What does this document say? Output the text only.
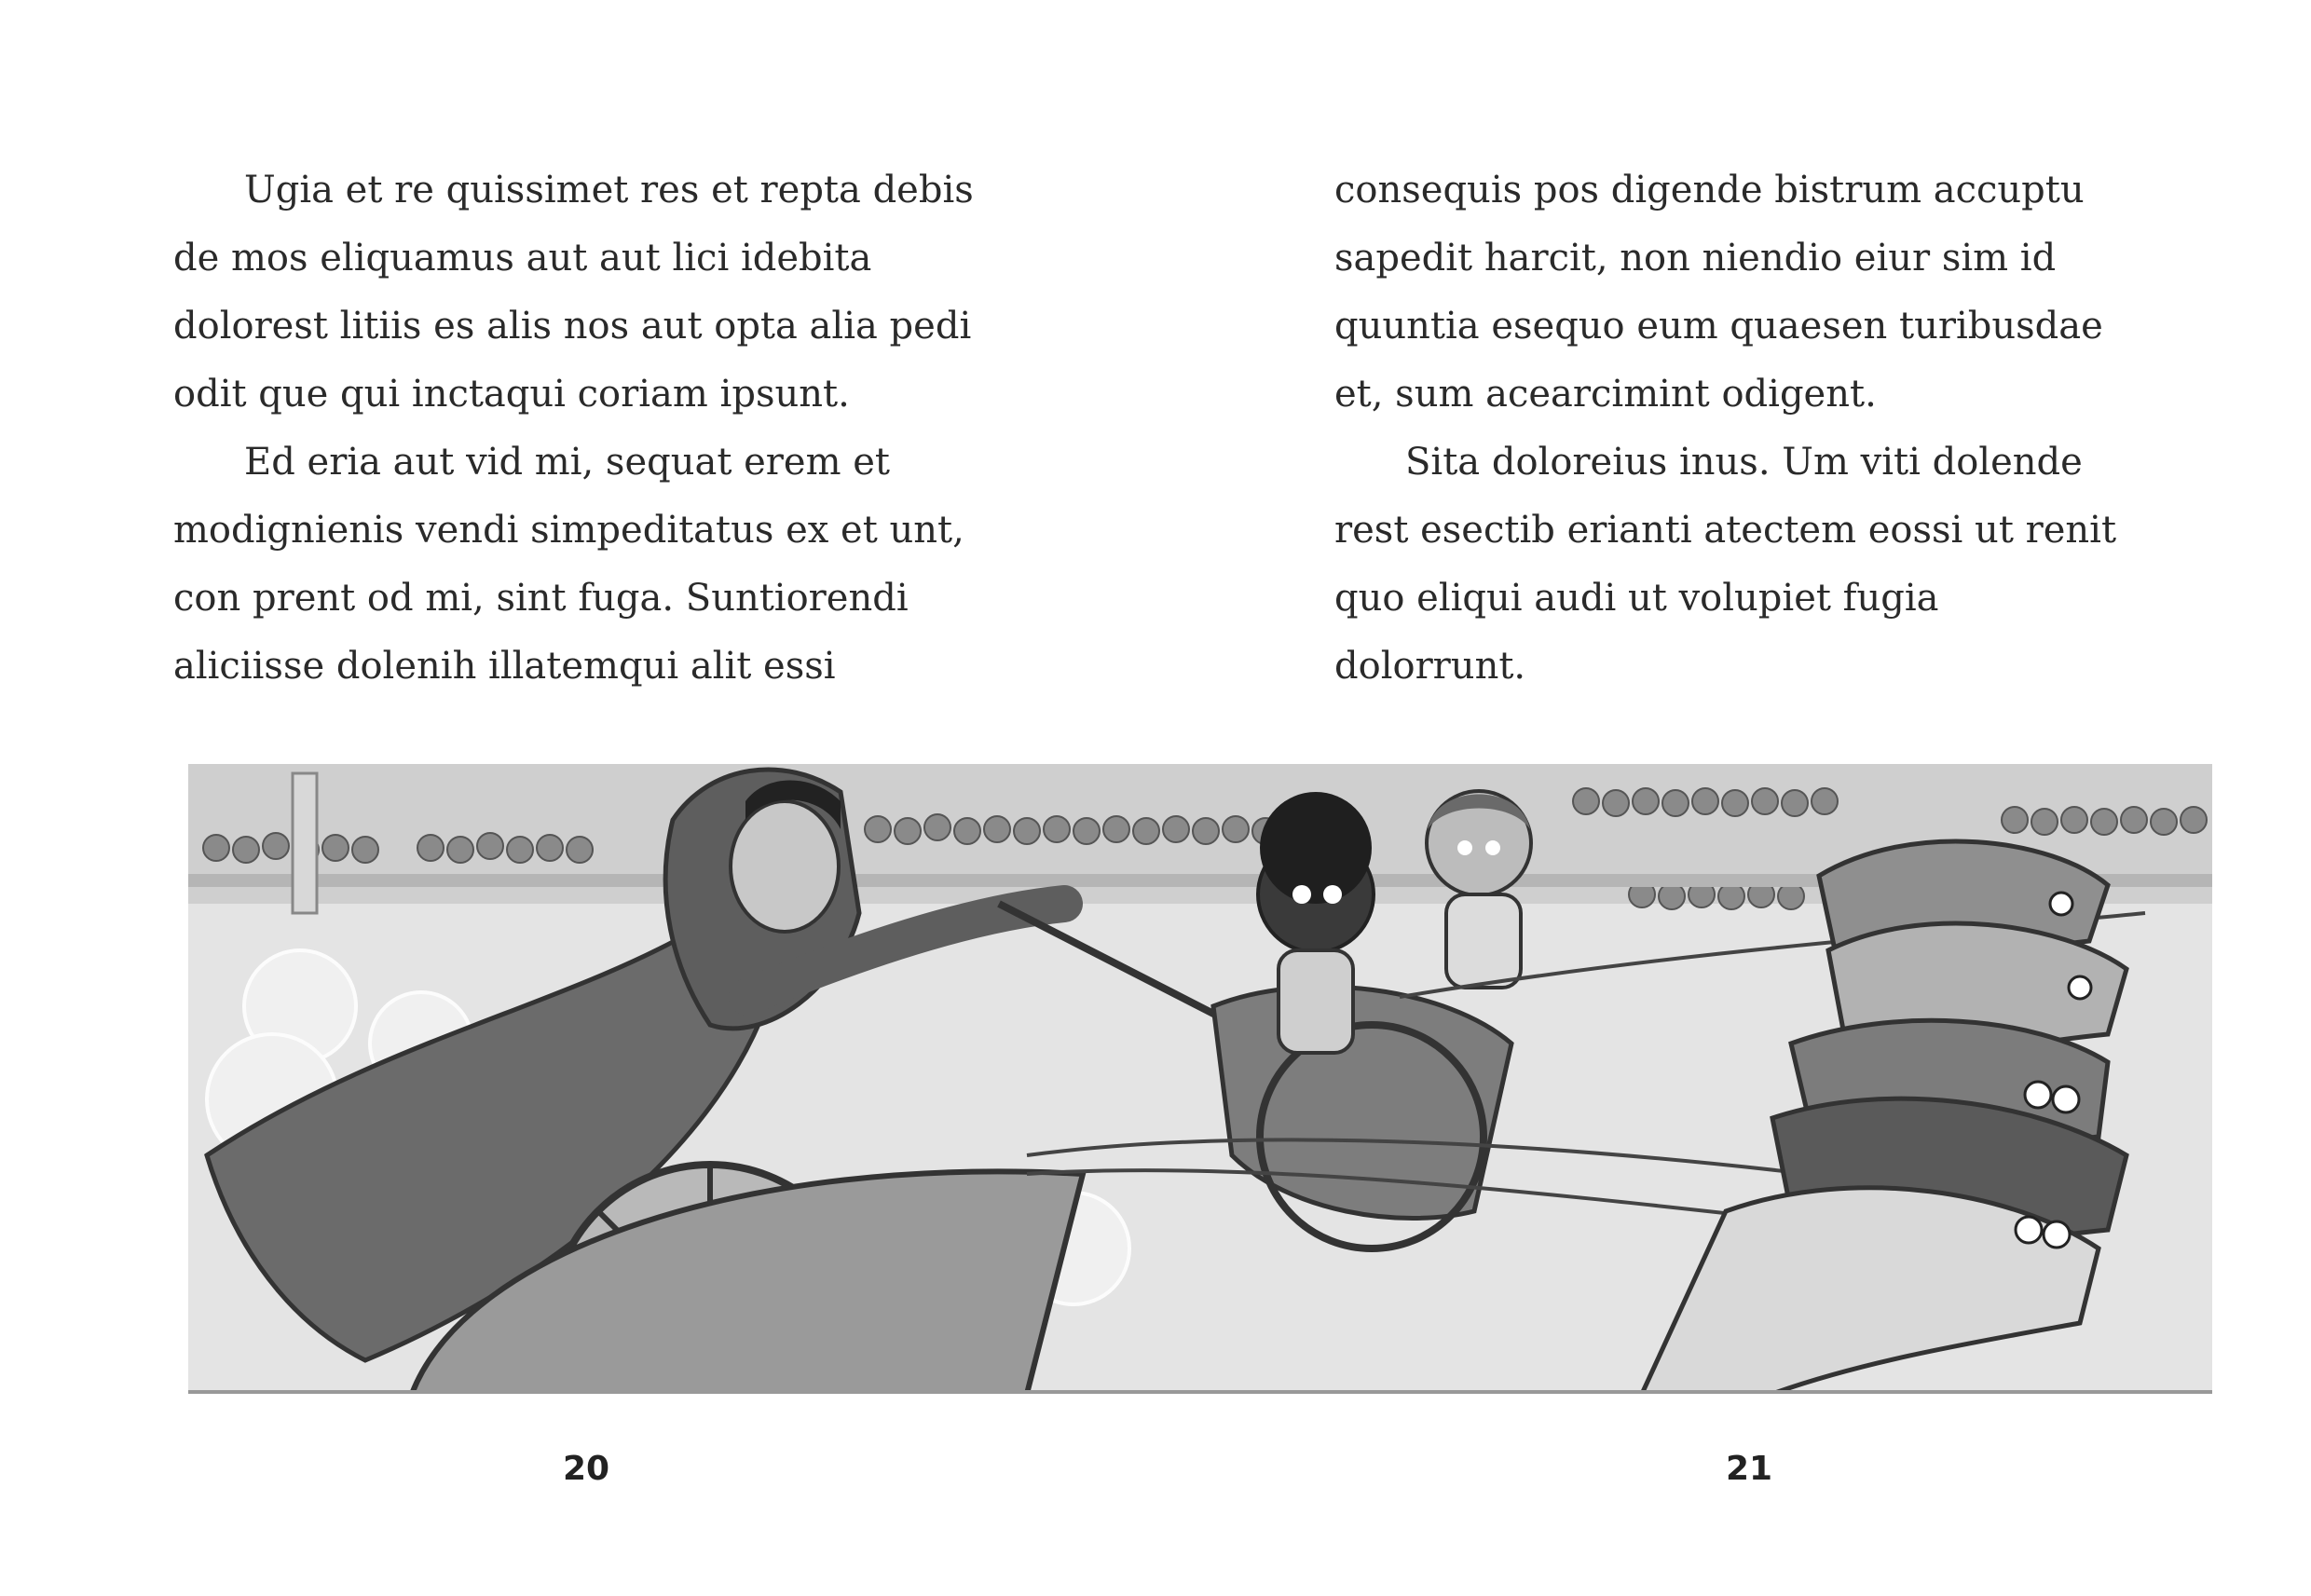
Ugia et re quissimet res et repta debis
de mos eliquamus aut aut lici idebita
dolorest litiis es alis nos aut opta alia pedi
odit que qui inctaqui coriam ipsunt.
Ed eria aut vid mi, sequat erem et
modignienis vendi simpeditatus ex et unt,
con prent od mi, sint fuga. Suntiorendi
aliciisse dolenih illatemqui alit essi
consequis pos digende bistrum accuptu
sapedit harcit, non niendio eiur sim id
quuntia esequo eum quaesen turibusdae
et, sum acearcimint odigent.
Sita doloreius inus. Um viti dolende
rest esectib erianti atectem eossi ut renit
quo eliqui audi ut volupiet fugia
dolorrunt.
20	21
